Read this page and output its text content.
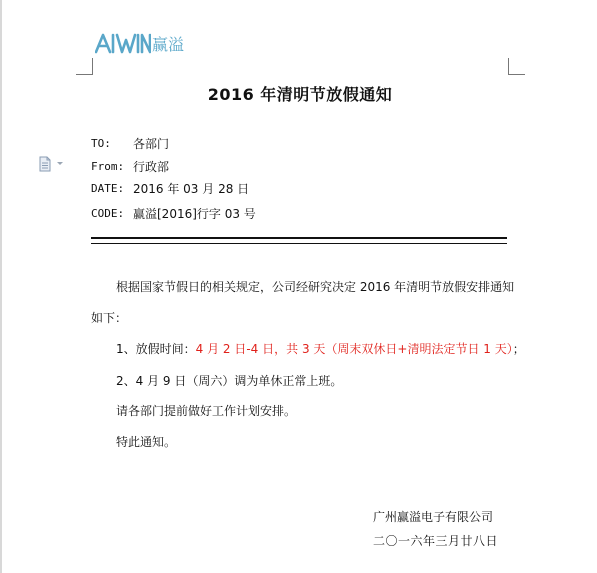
赢溢
2016 年清明节放假通知
TO:	各部门
From: 行政部
DATE: 2016 年 03 月 28 日
CODE: 赢溢[2016]行字 03 号
根据国家节假日的相关规定，公司经研究决定 2016 年清明节放假安排通知
如下：
1、放假时间：4 月 2 日-4 日，共 3 天（周末双休日+清明法定节日 1 天）；
2、4 月 9 日（周六）调为单休正常上班。
请各部门提前做好工作计划安排。
特此通知。
广州赢溢电子有限公司
二〇一六年三月廿八日
